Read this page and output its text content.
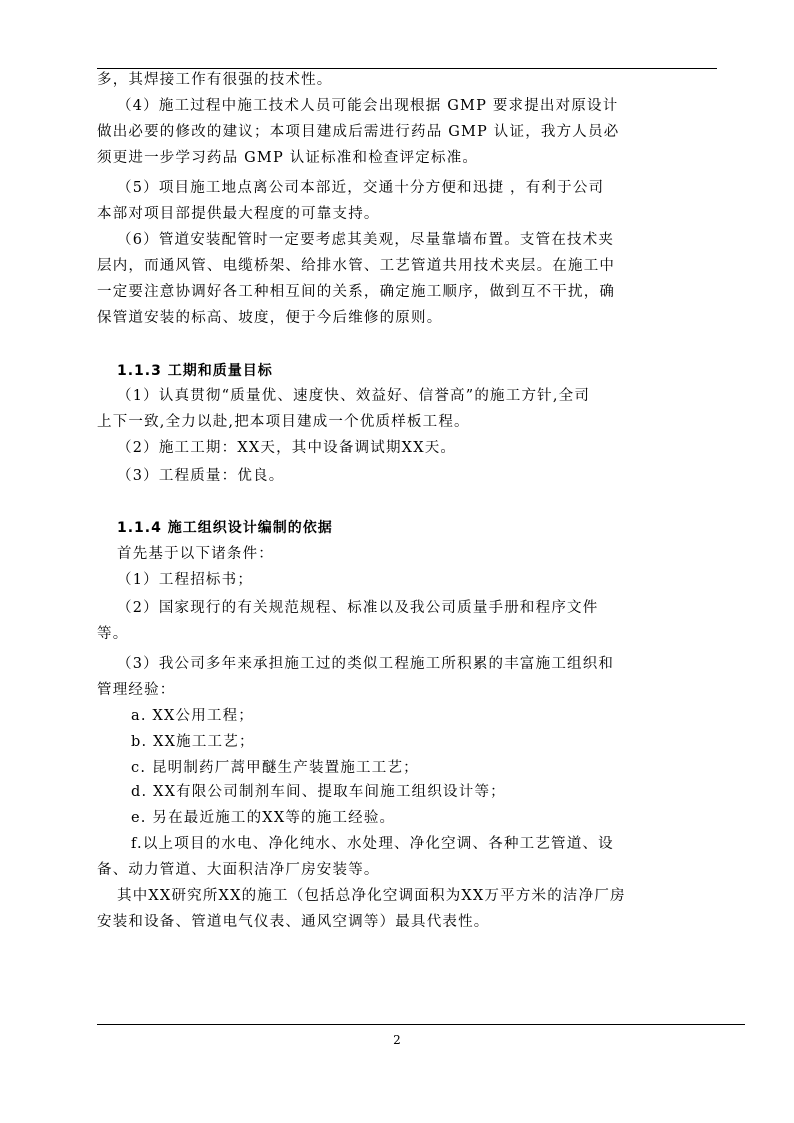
多，其焊接工作有很强的技术性。
（4）施工过程中施工技术人员可能会出现根据 GMP 要求提出对原设计
做出必要的修改的建议；本项目建成后需进行药品 GMP 认证，我方人员必
须更进一步学习药品 GMP 认证标准和检查评定标准。
（5）项目施工地点离公司本部近，交通十分方便和迅捷 ，有利于公司
本部对项目部提供最大程度的可靠支持。
（6）管道安装配管时一定要考虑其美观，尽量靠墙布置。支管在技术夹
层内，而通风管、电缆桥架、给排水管、工艺管道共用技术夹层。在施工中
一定要注意协调好各工种相互间的关系，确定施工顺序，做到互不干扰，确
保管道安装的标高、坡度，便于今后维修的原则。
1.1.3 工期和质量目标
（1）认真贯彻“质量优、速度快、效益好、信誉高”的施工方针,全司
上下一致,全力以赴,把本项目建成一个优质样板工程。
（2）施工工期：XX天，其中设备调试期XX天。
（3）工程质量：优良。
1.1.4 施工组织设计编制的依据
首先基于以下诸条件：
（1）工程招标书；
（2）国家现行的有关规范规程、标准以及我公司质量手册和程序文件
等。
（3）我公司多年来承担施工过的类似工程施工所积累的丰富施工组织和
管理经验：
a. XX公用工程；
b. XX施工工艺；
c. 昆明制药厂蒿甲醚生产装置施工工艺；
d. XX有限公司制剂车间、提取车间施工组织设计等；
e. 另在最近施工的XX等的施工经验。
f.以上项目的水电、净化纯水、水处理、净化空调、各种工艺管道、设
备、动力管道、大面积洁净厂房安装等。
其中XX研究所XX的施工（包括总净化空调面积为XX万平方米的洁净厂房
安装和设备、管道电气仪表、通风空调等）最具代表性。
2
